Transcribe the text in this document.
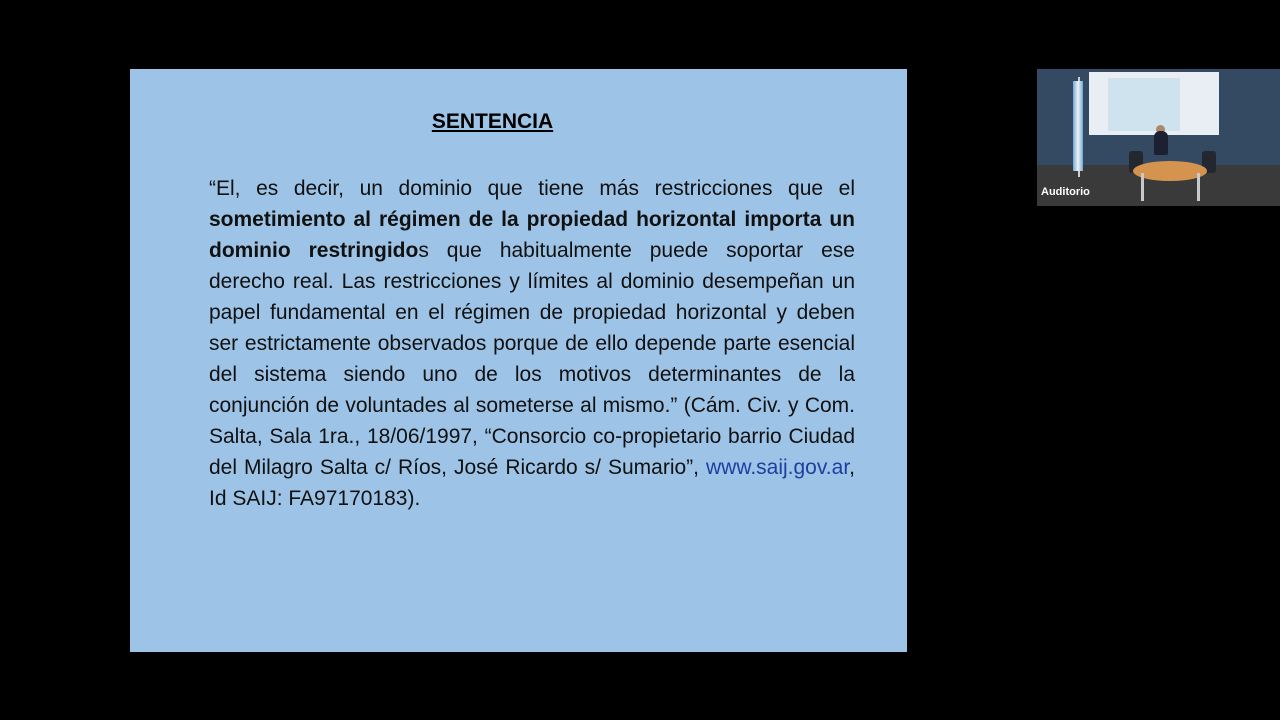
SENTENCIA
“El, es decir, un dominio que tiene más restricciones que el sometimiento al régimen de la propiedad horizontal importa un dominio restringidos que habitualmente puede soportar ese derecho real. Las restricciones y límites al dominio desempeñan un papel fundamental en el régimen de propiedad horizontal y deben ser estrictamente observados porque de ello depende parte esencial del sistema siendo uno de los motivos determinantes de la conjunción de voluntades al someterse al mismo.” (Cám. Civ. y Com. Salta, Sala 1ra., 18/06/1997, “Consorcio co-propietario barrio Ciudad del Milagro Salta c/ Ríos, José Ricardo s/ Sumario”, www.saij.gov.ar, Id SAIJ: FA97170183).
Auditorio
